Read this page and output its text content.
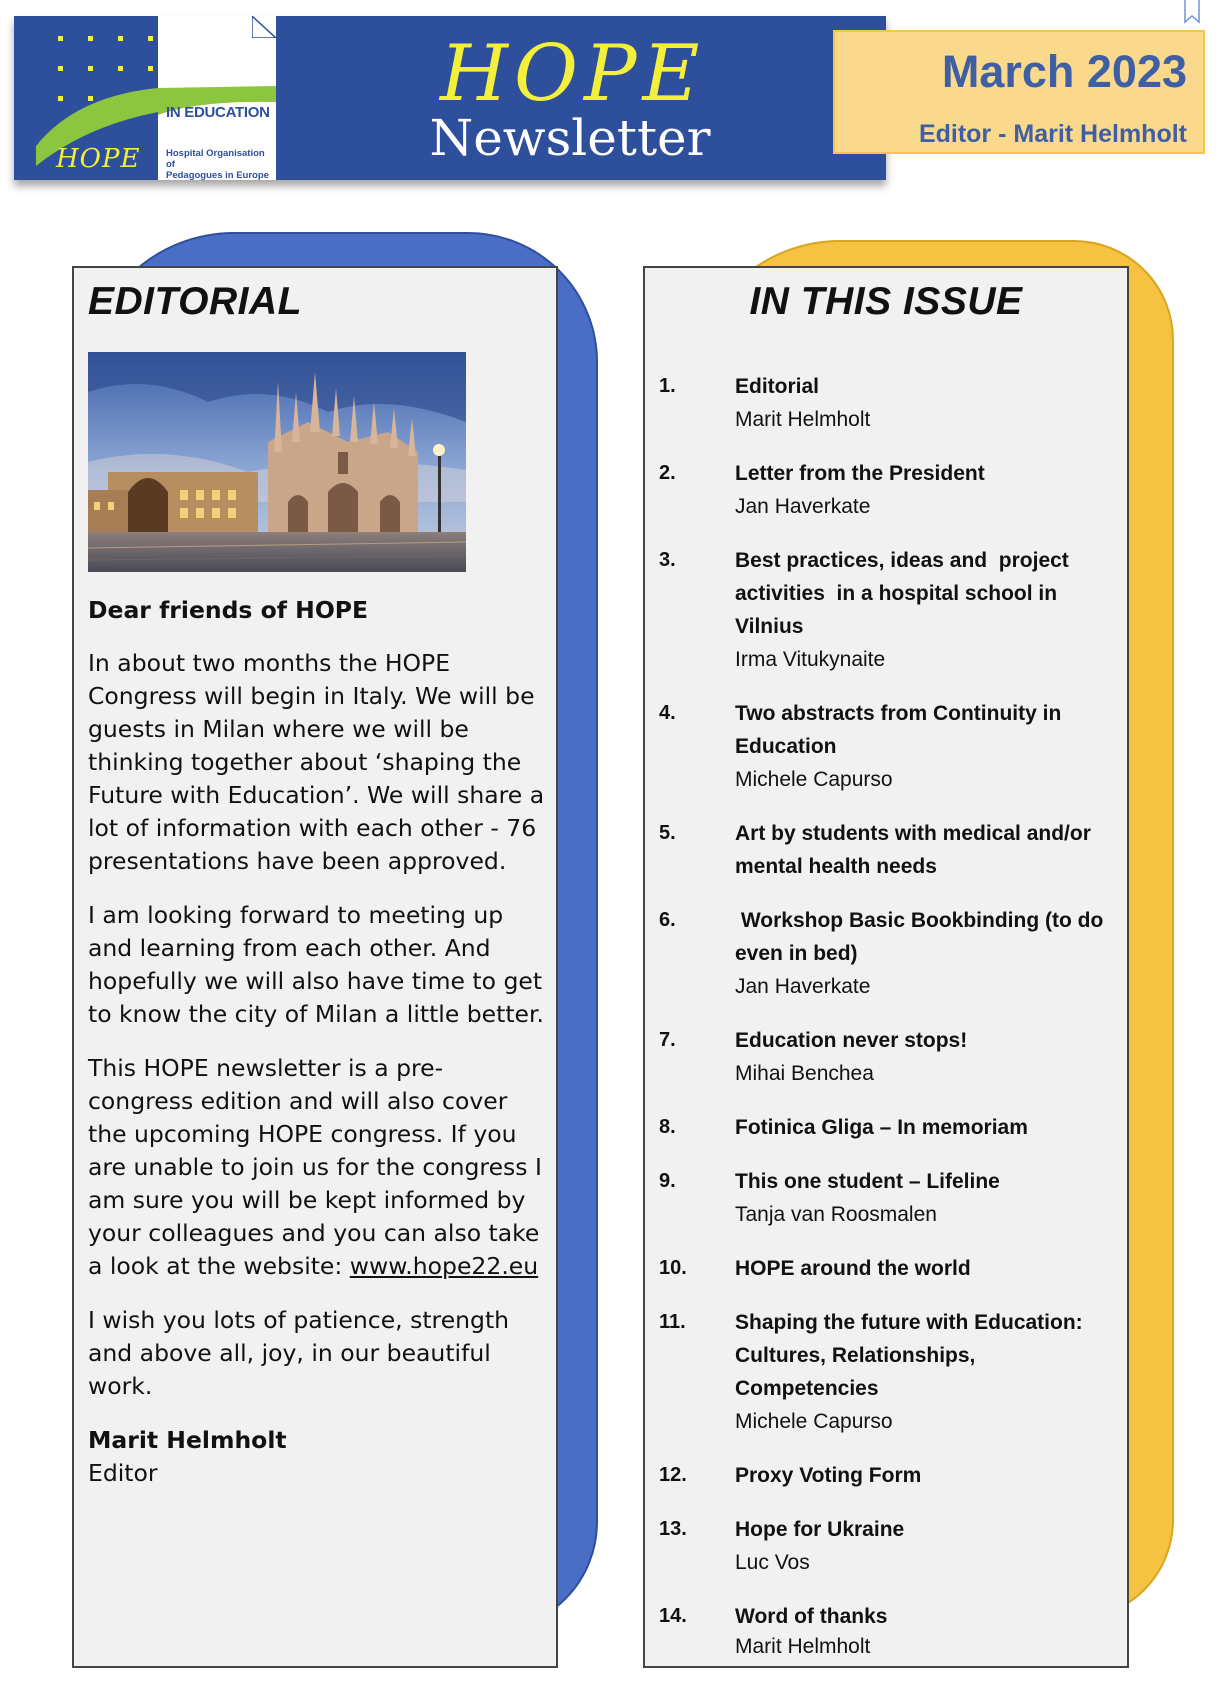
CONTINUITY
IN EDUCATION
HOPE	Hospital Organisation of
Pedagogues in Europe
HOPE
Newsletter
March 2023
Editor - Marit Helmholt
EDITORIAL

Dear friends of HOPE

In about two months the HOPE Congress will begin in Italy. We will be guests in Milan where we will be thinking together about ‘shaping the Future with Education’. We will share a lot of information with each other - 76 presentations have been approved.

I am looking forward to meeting up and learning from each other. And hopefully we will also have time to get to know the city of Milan a little better.

This HOPE newsletter is a pre-congress edition and will also cover the upcoming HOPE congress. If you are unable to join us for the congress I am sure you will be kept informed by your colleagues and you can also take a look at the website: www.hope22.eu

I wish you lots of patience, strength and above all, joy, in our beautiful work.

Marit Helmholt

Editor

IN THIS ISSUE
1.	Editorial
Marit Helmholt
2.	Letter from the President
Jan Haverkate
3.	Best practices, ideas and  project activities  in a hospital school in Vilnius
Irma Vitukynaite
4.	Two abstracts from Continuity in Education
Michele Capurso
5.	Art by students with medical and/or mental health needs
6.	Workshop Basic Bookbinding (to do even in bed)
Jan Haverkate
7.	Education never stops!
Mihai Benchea
8.	Fotinica Gliga – In memoriam
9.	This one student – Lifeline
Tanja van Roosmalen
10.	HOPE around the world
11.	Shaping the future with Education: Cultures, Relationships, Competencies
Michele Capurso
12.	Proxy Voting Form
13.	Hope for Ukraine
Luc Vos
14.	Word of thanks
Marit Helmholt
